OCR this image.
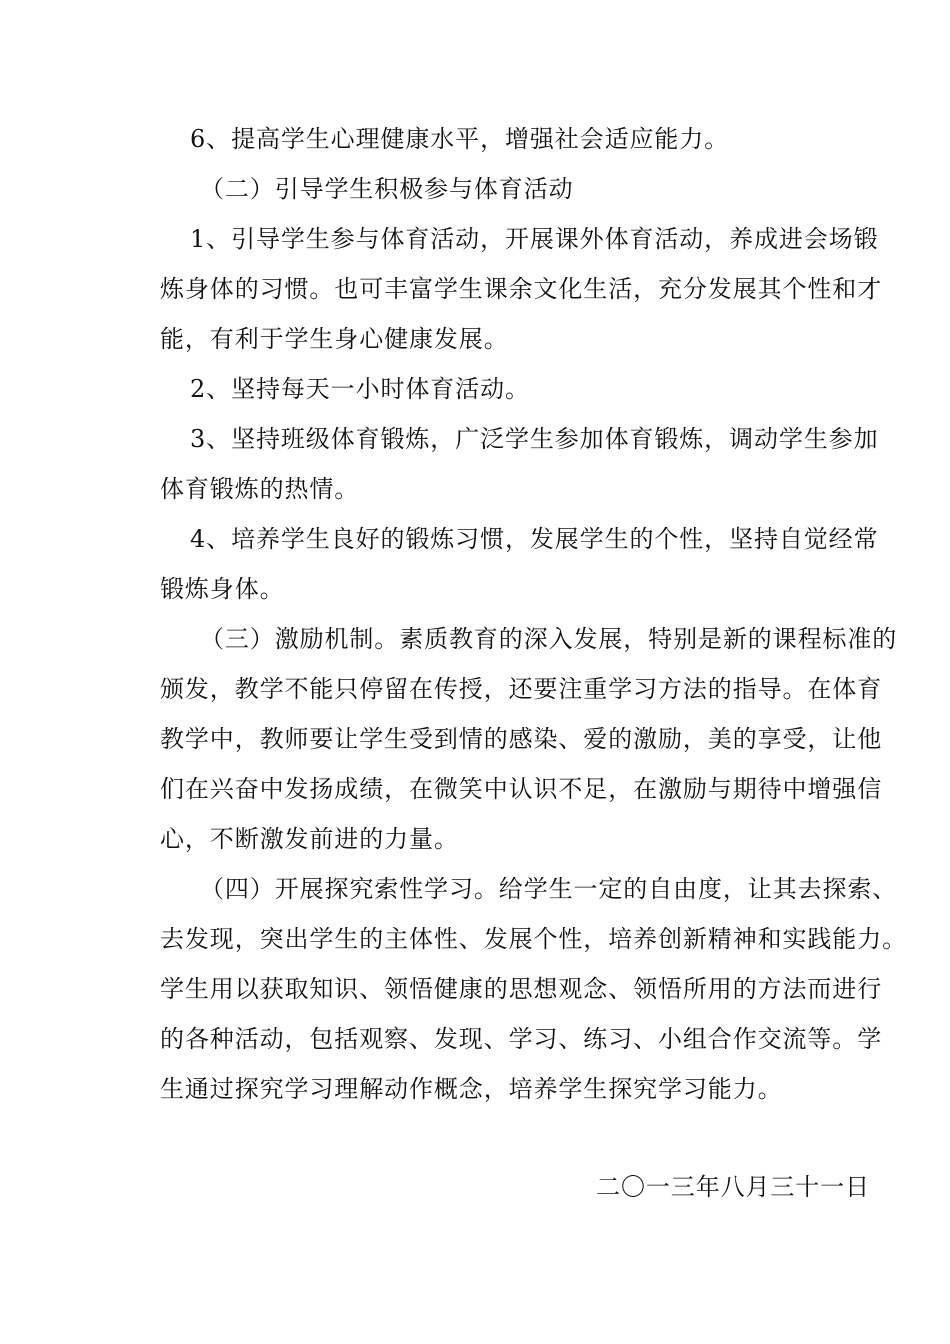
6、提高学生心理健康水平，增强社会适应能力。
（二）引导学生积极参与体育活动
1、引导学生参与体育活动，开展课外体育活动，养成进会场锻
炼身体的习惯。也可丰富学生课余文化生活，充分发展其个性和才
能，有利于学生身心健康发展。
2、坚持每天一小时体育活动。
3、坚持班级体育锻炼，广泛学生参加体育锻炼，调动学生参加
体育锻炼的热情。
4、培养学生良好的锻炼习惯，发展学生的个性，坚持自觉经常
锻炼身体。
（三）激励机制。素质教育的深入发展，特别是新的课程标准的
颁发，教学不能只停留在传授，还要注重学习方法的指导。在体育
教学中，教师要让学生受到情的感染、爱的激励，美的享受，让他
们在兴奋中发扬成绩，在微笑中认识不足，在激励与期待中增强信
心，不断激发前进的力量。
（四）开展探究索性学习。给学生一定的自由度，让其去探索、
去发现，突出学生的主体性、发展个性，培养创新精神和实践能力。
学生用以获取知识、领悟健康的思想观念、领悟所用的方法而进行
的各种活动，包括观察、发现、学习、练习、小组合作交流等。学
生通过探究学习理解动作概念，培养学生探究学习能力。
二〇一三年八月三十一日
